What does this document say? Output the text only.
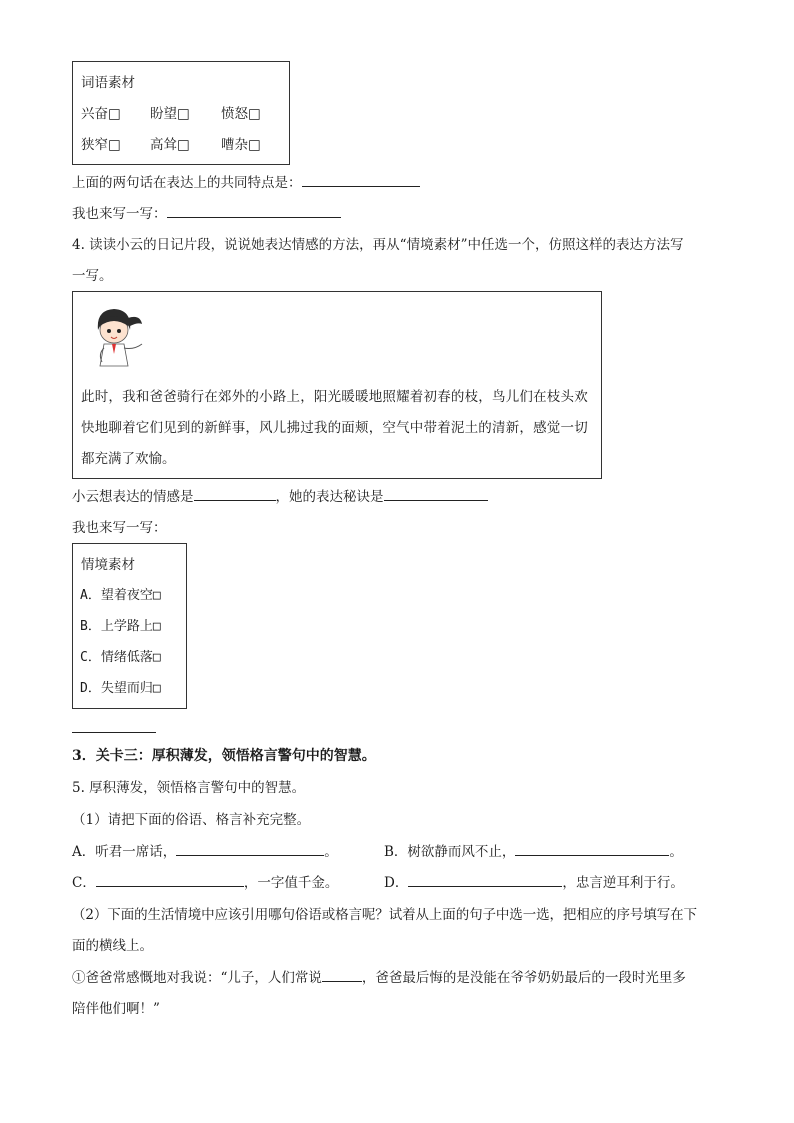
词语素材
兴奋□ 盼望□ 愤怒□
狭窄□ 高耸□ 嘈杂□
上面的两句话在表达上的共同特点是：
我也来写一写：
4. 读读小云的日记片段，说说她表达情感的方法，再从“情境素材”中任选一个，仿照这样的表达方法写
一写。
此时，我和爸爸骑行在郊外的小路上，阳光暖暖地照耀着初春的枝，鸟儿们在枝头欢
快地聊着它们见到的新鲜事，风儿拂过我的面颊，空气中带着泥土的清新，感觉一切
都充满了欢愉。
小云想表达的情感是	，她的表达秘诀是
我也来写一写：
情境素材
A．望着夜空□
B．上学路上□
C．情绪低落□
D．失望而归□
3．关卡三：厚积薄发，领悟格言警句中的智慧。
5. 厚积薄发，领悟格言警句中的智慧。
（1）请把下面的俗语、格言补充完整。
A．听君一席话，	。	B．树欲静而风不止，	。
C．	，一字值千金。	D．	，忠言逆耳利于行。
（2）下面的生活情境中应该引用哪句俗语或格言呢？试着从上面的句子中选一选，把相应的序号填写在下
面的横线上。
①爸爸常感慨地对我说：“儿子，人们常说	，爸爸最后悔的是没能在爷爷奶奶最后的一段时光里多
陪伴他们啊！”
